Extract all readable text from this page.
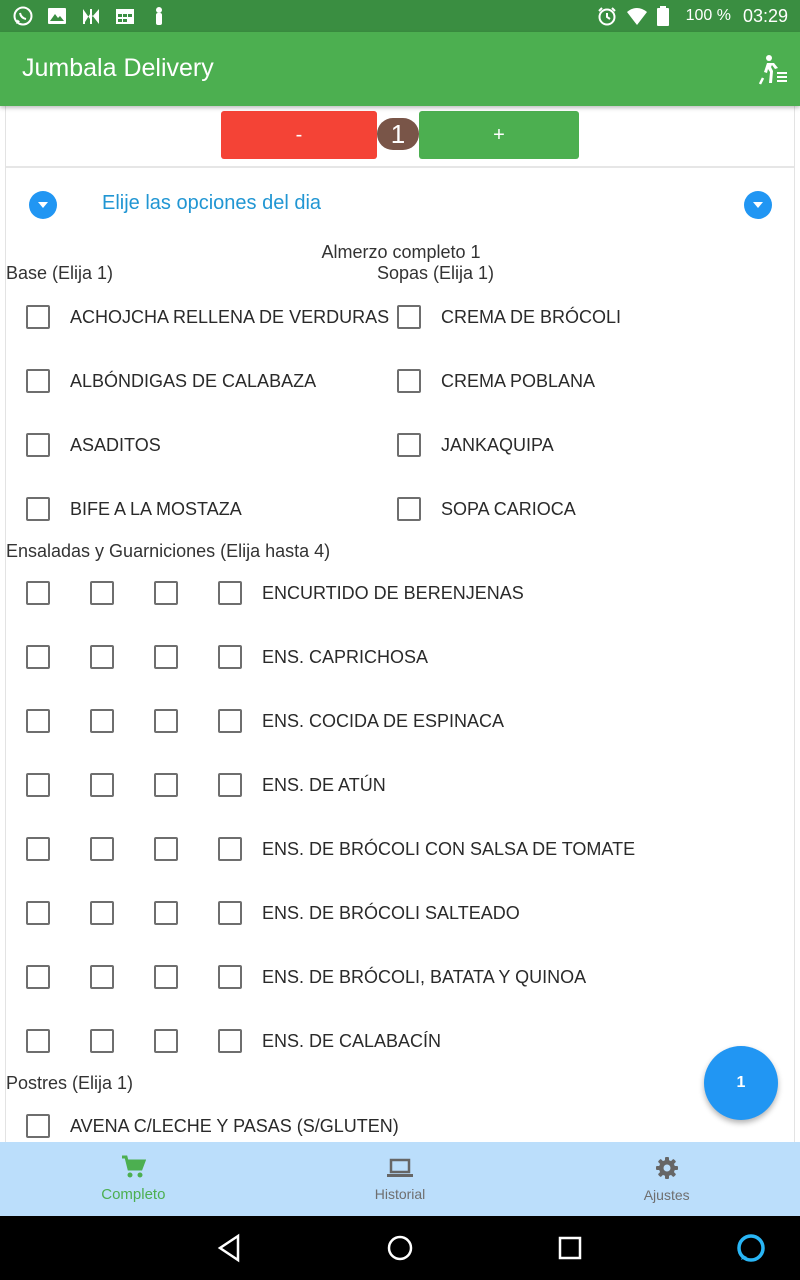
100 % 03:29
Jumbala Delivery
-	1	+
Elije las opciones del dia
Almerzo completo 1
Base (Elija 1)	Sopas (Elija 1)
ACHOJCHA RELLENA DE VERDURAS
ALBÓNDIGAS DE CALABAZA
ASADITOS
BIFE A LA MOSTAZA
CREMA DE BRÓCOLI
CREMA POBLANA
JANKAQUIPA
SOPA CARIOCA
Ensaladas y Guarniciones (Elija hasta 4)
ENCURTIDO DE BERENJENAS
ENS. CAPRICHOSA
ENS. COCIDA DE ESPINACA
ENS. DE ATÚN
ENS. DE BRÓCOLI CON SALSA DE TOMATE
ENS. DE BRÓCOLI SALTEADO
ENS. DE BRÓCOLI, BATATA Y QUINOA
ENS. DE CALABACÍN
Postres (Elija 1)
AVENA C/LECHE Y PASAS (S/GLUTEN)
1
Completo	Historial	Ajustes
